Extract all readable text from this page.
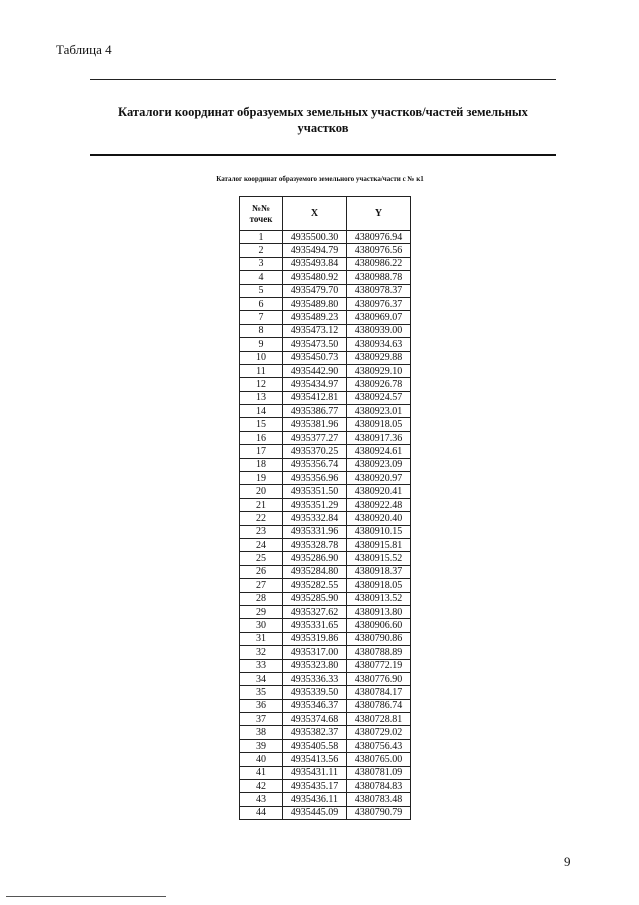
Таблица 4
Каталоги координат образуемых земельных участков/частей земельных
участков
Каталог координат образуемого земельного участка/части с № к1
№№ точек	X	Y
1	4935500.30	4380976.94
2	4935494.79	4380976.56
3	4935493.84	4380986.22
4	4935480.92	4380988.78
5	4935479.70	4380978.37
6	4935489.80	4380976.37
7	4935489.23	4380969.07
8	4935473.12	4380939.00
9	4935473.50	4380934.63
10	4935450.73	4380929.88
11	4935442.90	4380929.10
12	4935434.97	4380926.78
13	4935412.81	4380924.57
14	4935386.77	4380923.01
15	4935381.96	4380918.05
16	4935377.27	4380917.36
17	4935370.25	4380924.61
18	4935356.74	4380923.09
19	4935356.96	4380920.97
20	4935351.50	4380920.41
21	4935351.29	4380922.48
22	4935332.84	4380920.40
23	4935331.96	4380910.15
24	4935328.78	4380915.81
25	4935286.90	4380915.52
26	4935284.80	4380918.37
27	4935282.55	4380918.05
28	4935285.90	4380913.52
29	4935327.62	4380913.80
30	4935331.65	4380906.60
31	4935319.86	4380790.86
32	4935317.00	4380788.89
33	4935323.80	4380772.19
34	4935336.33	4380776.90
35	4935339.50	4380784.17
36	4935346.37	4380786.74
37	4935374.68	4380728.81
38	4935382.37	4380729.02
39	4935405.58	4380756.43
40	4935413.56	4380765.00
41	4935431.11	4380781.09
42	4935435.17	4380784.83
43	4935436.11	4380783.48
44	4935445.09	4380790.79
9
